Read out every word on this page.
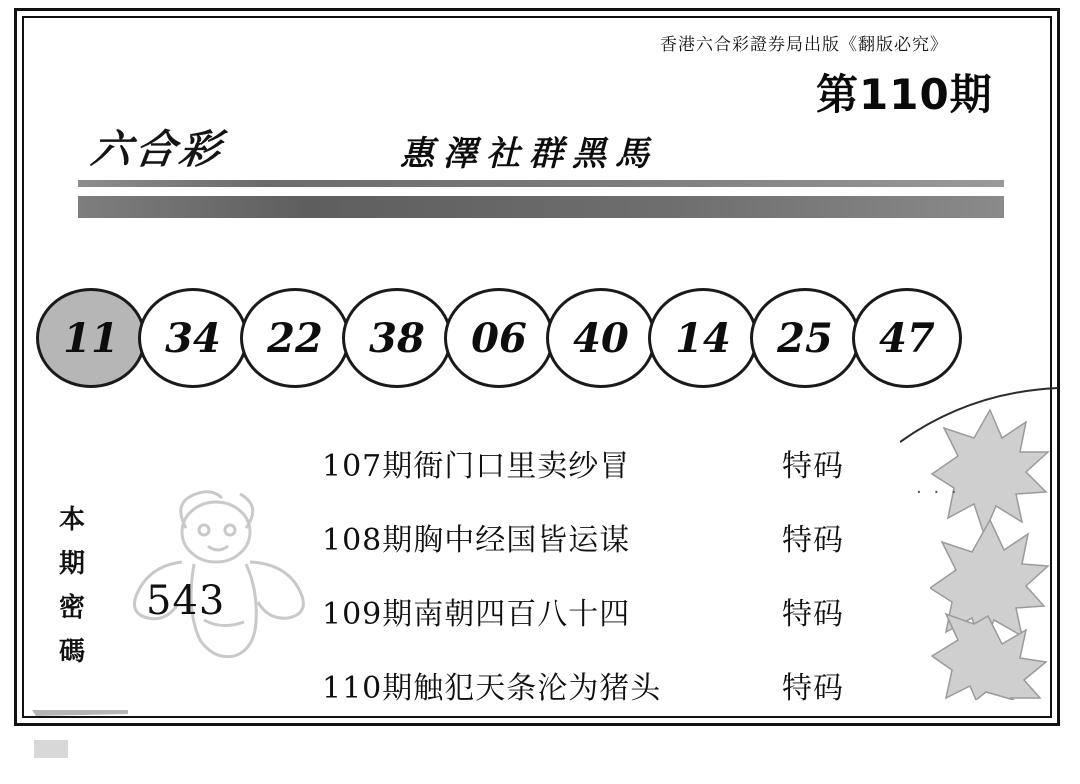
香港六合彩證券局出版《翻版必究》
第110期
六合彩	惠澤社群黑馬
11	34	22	38	06	40	14	25	47
本
期
密
碼
543
· · ·
107期衙门口里卖纱冒	特码
108期胸中经国皆运谋	特码
109期南朝四百八十四	特码
110期触犯天条沦为猪头	特码
